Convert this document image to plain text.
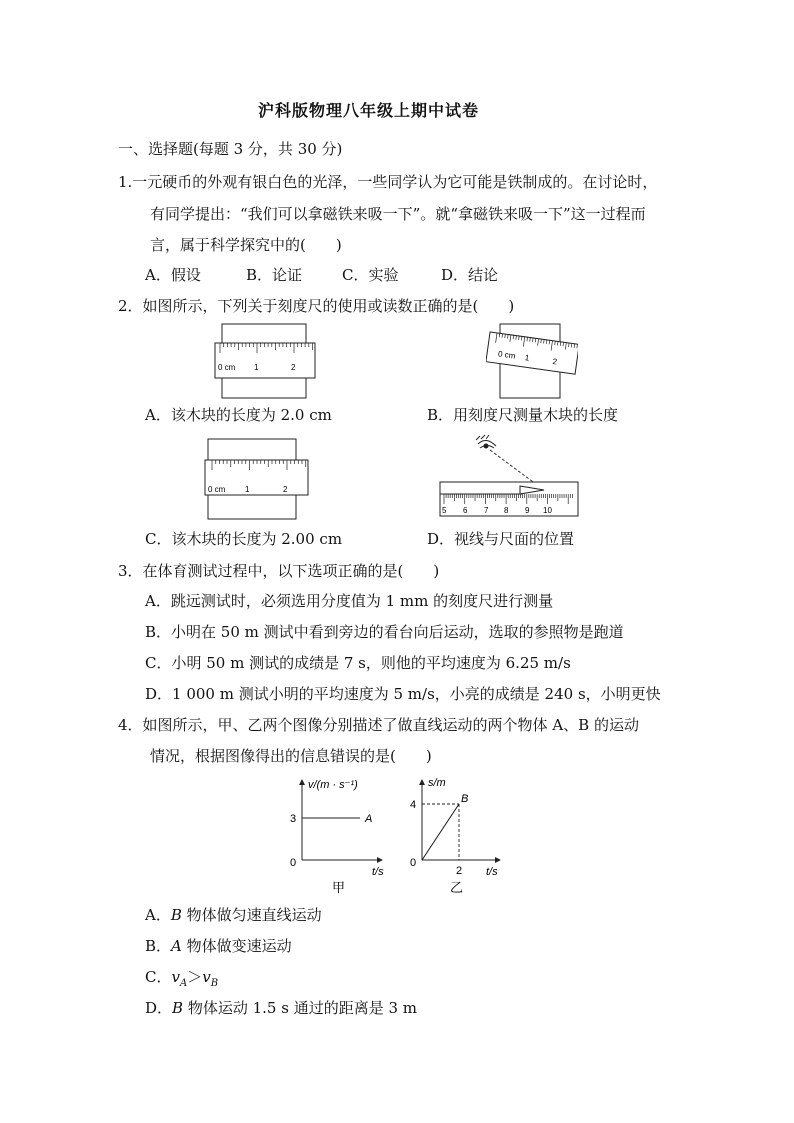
沪科版物理八年级上期中试卷
一、选择题(每题 3 分，共 30 分)
1.一元硬币的外观有银白色的光泽，一些同学认为它可能是铁制成的。在讨论时，
有同学提出：“我们可以拿磁铁来吸一下”。就“拿磁铁来吸一下”这一过程而
言，属于科学探究中的(　　)
A．假设	B．论证	C．实验	D．结论
2．如图所示，下列关于刻度尺的使用或读数正确的是(　　)
0 cm 1	2
0 cm 1	2
A．该木块的长度为 2.0 cm	B．用刻度尺测量木块的长度
0 cm 1	2
5 6 7 8 9 10
C．该木块的长度为 2.00 cm	D．视线与尺面的位置
3．在体育测试过程中，以下选项正确的是(　　)
A．跳远测试时，必须选用分度值为 1 mm 的刻度尺进行测量
B．小明在 50 m 测试中看到旁边的看台向后运动，选取的参照物是跑道
C．小明 50 m 测试的成绩是 7 s，则他的平均速度为 6.25 m/s
D．1 000 m 测试小明的平均速度为 5 m/s，小亮的成绩是 240 s，小明更快
4．如图所示，甲、乙两个图像分别描述了做直线运动的两个物体 A、B 的运动
情况，根据图像得出的信息错误的是(　　)
v/(m · s⁻¹)
3
0
t/s
A
甲
s/m
4
0
2 t/s
B
乙
A．B 物体做匀速直线运动
B．A 物体做变速运动
C．$v_A>v_B$
D．B 物体运动 1.5 s 通过的距离是 3 m
